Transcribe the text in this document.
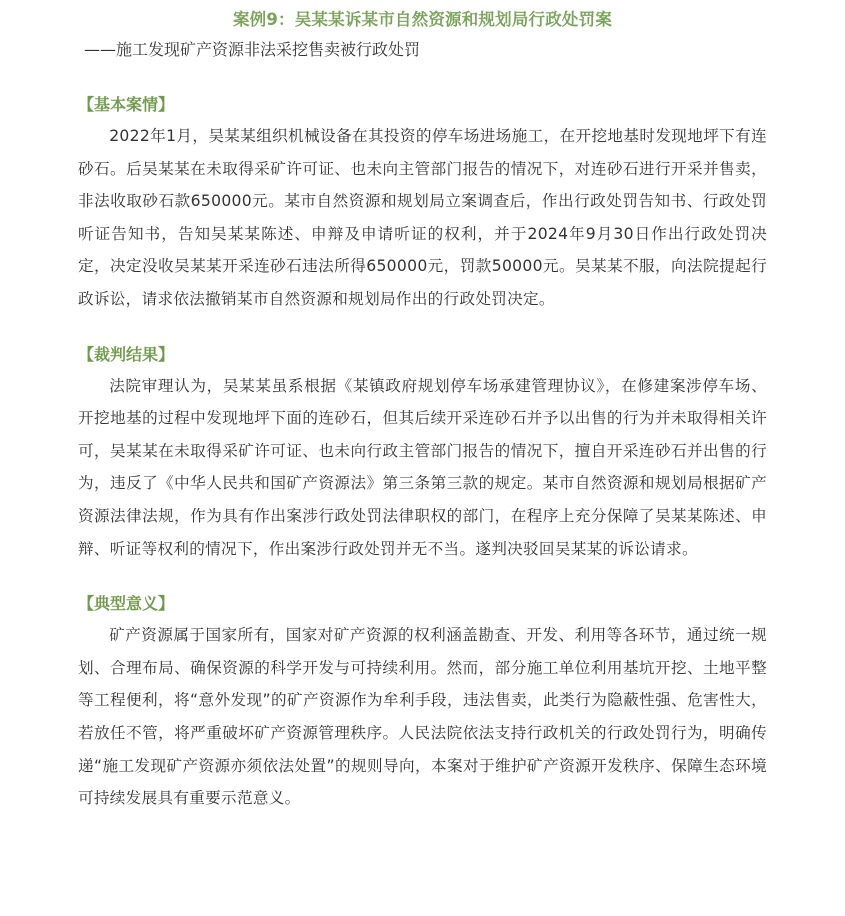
案例9：吴某某诉某市自然资源和规划局行政处罚案
——施工发现矿产资源非法采挖售卖被行政处罚
【基本案情】

2022年1月，吴某某组织机械设备在其投资的停车场进场施工，在开挖地基时发现地坪下有连砂石。后吴某某在未取得采矿许可证、也未向主管部门报告的情况下，对连砂石进行开采并售卖，非法收取砂石款650000元。某市自然资源和规划局立案调查后，作出行政处罚告知书、行政处罚听证告知书，告知吴某某陈述、申辩及申请听证的权利，并于2024年9月30日作出行政处罚决定，决定没收吴某某开采连砂石违法所得650000元，罚款50000元。吴某某不服，向法院提起行政诉讼，请求依法撤销某市自然资源和规划局作出的行政处罚决定。

【裁判结果】

法院审理认为，吴某某虽系根据《某镇政府规划停车场承建管理协议》，在修建案涉停车场、开挖地基的过程中发现地坪下面的连砂石，但其后续开采连砂石并予以出售的行为并未取得相关许可，吴某某在未取得采矿许可证、也未向行政主管部门报告的情况下，擅自开采连砂石并出售的行为，违反了《中华人民共和国矿产资源法》第三条第三款的规定。某市自然资源和规划局根据矿产资源法律法规，作为具有作出案涉行政处罚法律职权的部门，在程序上充分保障了吴某某陈述、申辩、听证等权利的情况下，作出案涉行政处罚并无不当。遂判决驳回吴某某的诉讼请求。

【典型意义】

矿产资源属于国家所有，国家对矿产资源的权利涵盖勘查、开发、利用等各环节，通过统一规划、合理布局、确保资源的科学开发与可持续利用。然而，部分施工单位利用基坑开挖、土地平整等工程便利，将“意外发现”的矿产资源作为牟利手段，违法售卖，此类行为隐蔽性强、危害性大，若放任不管，将严重破坏矿产资源管理秩序。人民法院依法支持行政机关的行政处罚行为，明确传递“施工发现矿产资源亦须依法处置”的规则导向，本案对于维护矿产资源开发秩序、保障生态环境可持续发展具有重要示范意义。
